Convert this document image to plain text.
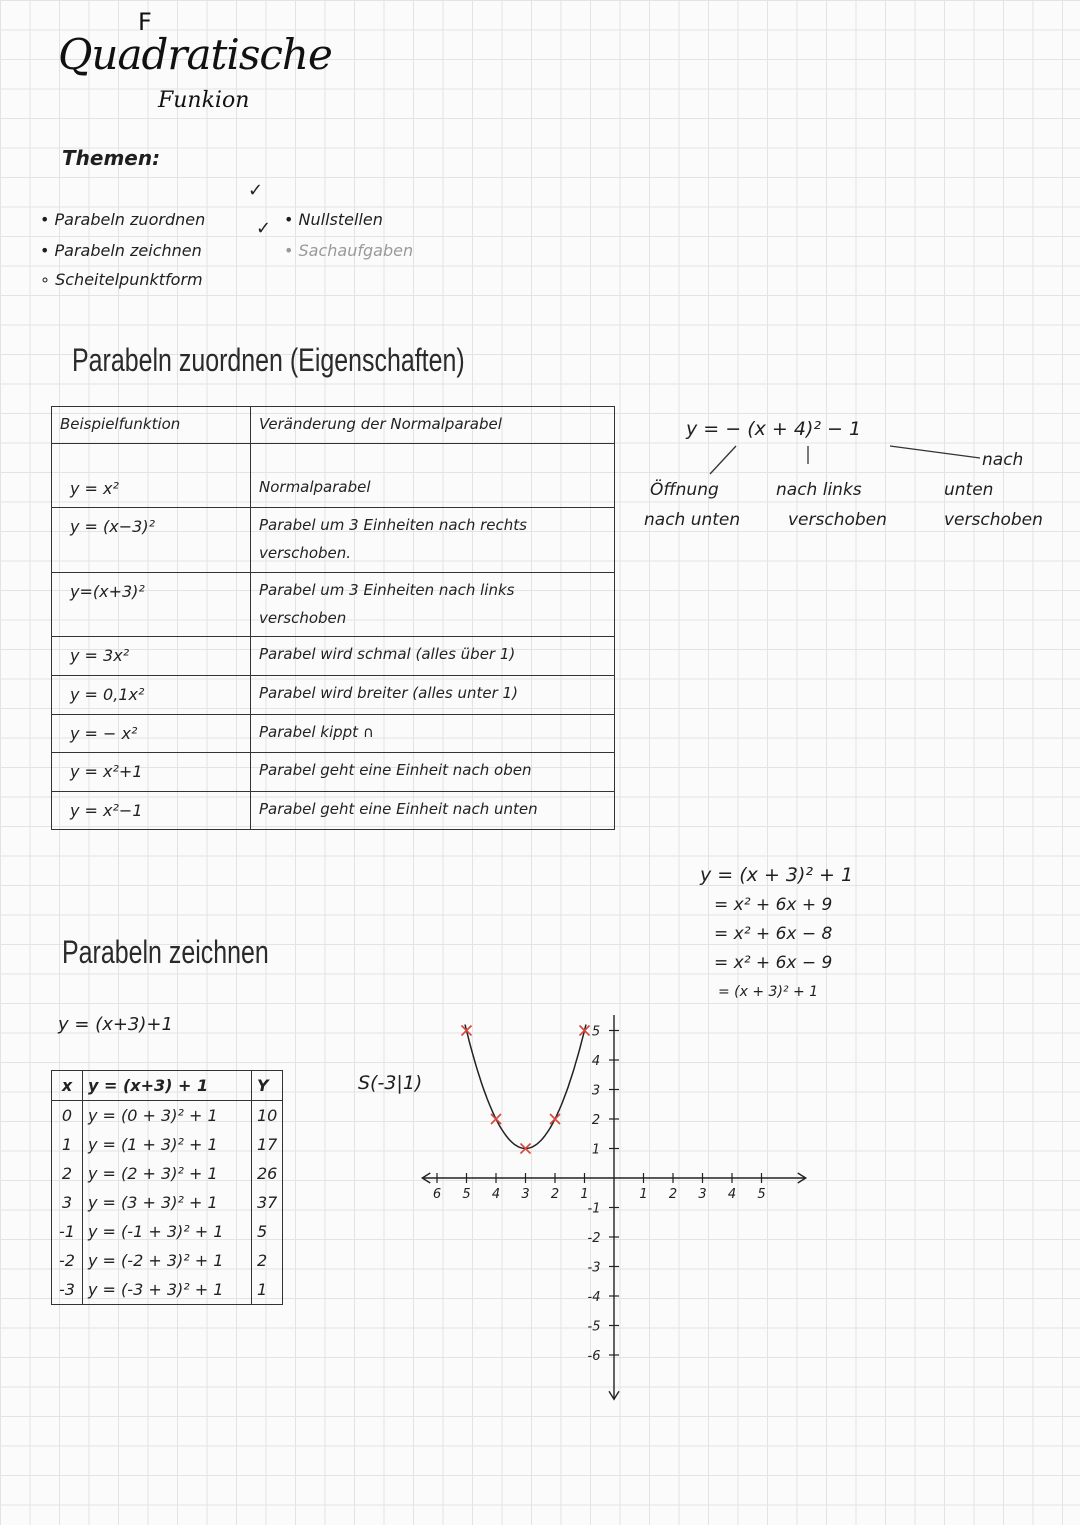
F
Quadratische
Funkion
Themen:
✓
✓
• Parabeln zuordnen
• Parabeln zeichnen
∘ Scheitelpunktform
• Nullstellen
• Sachaufgaben
Parabeln zuordnen (Eigenschaften)
Beispielfunktion	Veränderung der Normalparabel
y = x²	Normalparabel
y = (x−3)²	Parabel um 3 Einheiten nach rechts verschoben.
y=(x+3)²	Parabel um 3 Einheiten nach links verschoben
y = 3x²	Parabel wird schmal (alles über 1)
y = 0,1x²	Parabel wird breiter (alles unter 1)
y = − x²	Parabel kippt ∩
y = x²+1	Parabel geht eine Einheit nach oben
y = x²−1	Parabel geht eine Einheit nach unten
y = − (x + 4)² − 1
Öffnung
nach unten
nach links
verschoben
nach
unten
verschoben
y = (x + 3)² + 1
= x² + 6x + 9
= x² + 6x − 8
= x² + 6x − 9
= (x + 3)² + 1
Parabeln zeichnen
y = (x+3)+1
x	y = (x+3) + 1	Y
0	y = (0 + 3)² + 1	10
1	y = (1 + 3)² + 1	17
2	y = (2 + 3)² + 1	26
3	y = (3 + 3)² + 1	37
-1	y = (-1 + 3)² + 1	5
-2	y = (-2 + 3)² + 1	2
-3	y = (-3 + 3)² + 1	1
S(-3|1)
6 5 4 3 2 1	1 2 3 4 5
1
2
3
4
5
-1
-2
-3
-4
-5
-6
